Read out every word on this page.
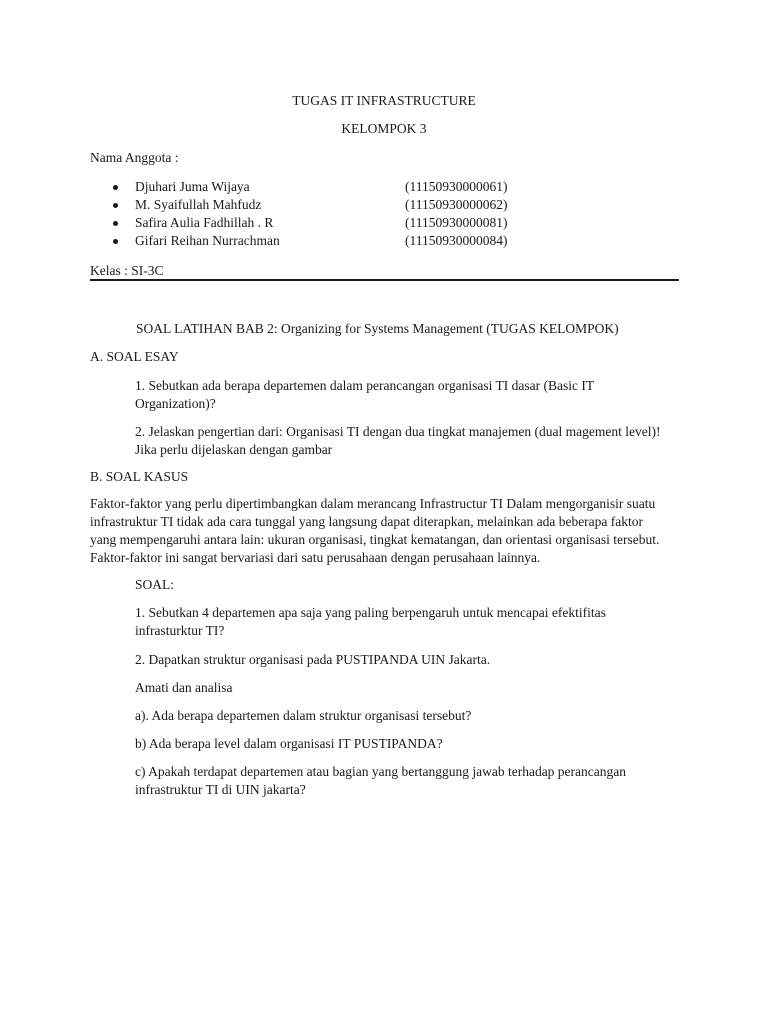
TUGAS IT INFRASTRUCTURE
KELOMPOK 3
Nama Anggota :
Djuhari Juma Wijaya	(11150930000061)
M. Syaifullah Mahfudz	(11150930000062)
Safira Aulia Fadhillah . R	(11150930000081)
Gifari Reihan Nurrachman	(11150930000084)
Kelas : SI-3C
SOAL LATIHAN BAB 2: Organizing for Systems Management (TUGAS KELOMPOK)
A. SOAL ESAY
1. Sebutkan ada berapa departemen dalam perancangan organisasi TI dasar (Basic IT
Organization)?
2. Jelaskan pengertian dari: Organisasi TI dengan dua tingkat manajemen (dual magement level)!
Jika perlu dijelaskan dengan gambar
B. SOAL KASUS
Faktor-faktor yang perlu dipertimbangkan dalam merancang Infrastructur TI Dalam mengorganisir suatu
infrastruktur TI tidak ada cara tunggal yang langsung dapat diterapkan, melainkan ada beberapa faktor
yang mempengaruhi antara lain: ukuran organisasi, tingkat kematangan, dan orientasi organisasi tersebut.
Faktor-faktor ini sangat bervariasi dari satu perusahaan dengan perusahaan lainnya.
SOAL:
1. Sebutkan 4 departemen apa saja yang paling berpengaruh untuk mencapai efektifitas
infrasturktur TI?
2. Dapatkan struktur organisasi pada PUSTIPANDA UIN Jakarta.
Amati dan analisa
a). Ada berapa departemen dalam struktur organisasi tersebut?
b) Ada berapa level dalam organisasi IT PUSTIPANDA?
c) Apakah terdapat departemen atau bagian yang bertanggung jawab terhadap perancangan
infrastruktur TI di UIN jakarta?
